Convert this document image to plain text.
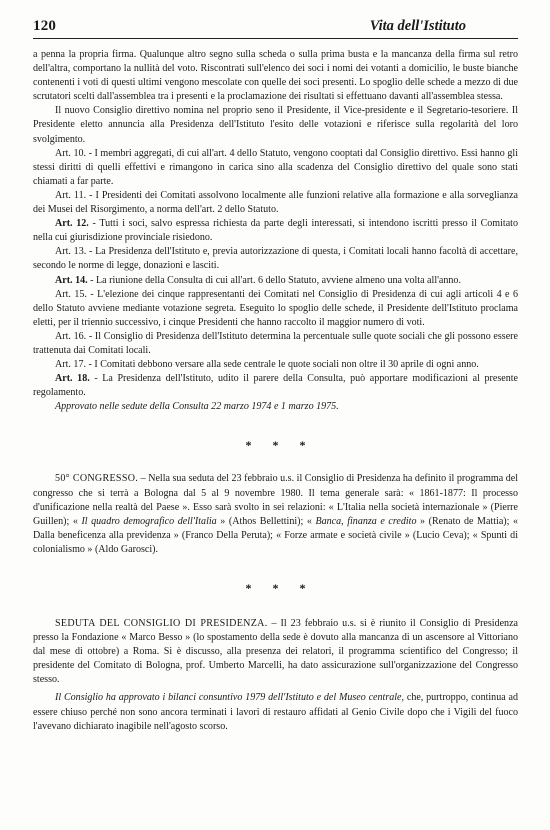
120	Vita dell'Istituto

a penna la propria firma. Qualunque altro segno sulla scheda o sulla prima busta e la mancanza della firma sul retro dell'altra, comportano la nullità del voto. Riscontrati sull'elenco dei soci i nomi dei votanti a domicilio, le buste bianche contenenti i voti di questi ultimi vengono mescolate con quelle dei soci presenti. Lo spoglio delle schede a mezzo di due scrutatori scelti dall'assemblea tra i presenti e la proclamazione dei risultati si effettuano davanti all'assemblea stessa.

Il nuovo Consiglio direttivo nomina nel proprio seno il Presidente, il Vice-presidente e il Segretario-tesoriere. Il Presidente eletto annuncia alla Presidenza dell'Istituto l'esito delle votazioni e riferisce sulla regolarità del loro svolgimento.

Art. 10. - I membri aggregati, di cui all'art. 4 dello Statuto, vengono cooptati dal Consiglio direttivo. Essi hanno gli stessi diritti di quelli effettivi e rimangono in carica sino alla scadenza del Consiglio direttivo del quale sono stati chiamati a far parte.

Art. 11. - I Presidenti dei Comitati assolvono localmente alle funzioni relative alla formazione e alla sorveglianza dei Musei del Risorgimento, a norma dell'art. 2 dello Statuto.

Art. 12. - Tutti i soci, salvo espressa richiesta da parte degli interessati, si intendono iscritti presso il Comitato nella cui giurisdizione provinciale risiedono.

Art. 13. - La Presidenza dell'Istituto e, previa autorizzazione di questa, i Comitati locali hanno facoltà di accettare, secondo le norme di legge, donazioni e lasciti.

Art. 14. - La riunione della Consulta di cui all'art. 6 dello Statuto, avviene almeno una volta all'anno.

Art. 15. - L'elezione dei cinque rappresentanti dei Comitati nel Consiglio di Presidenza di cui agli articoli 4 e 6 dello Statuto avviene mediante votazione segreta. Eseguito lo spoglio delle schede, il Presidente dell'Istituto proclama eletti, per il triennio successivo, i cinque Presidenti che hanno raccolto il maggior numero di voti.

Art. 16. - Il Consiglio di Presidenza dell'Istituto determina la percentuale sulle quote sociali che gli possono essere trattenuta dai Comitati locali.

Art. 17. - I Comitati debbono versare alla sede centrale le quote sociali non oltre il 30 aprile di ogni anno.

Art. 18. - La Presidenza dell'Istituto, udito il parere della Consulta, può apportare modificazioni al presente regolamento.

Approvato nelle sedute della Consulta 22 marzo 1974 e 1 marzo 1975.

* * *

50° CONGRESSO. – Nella sua seduta del 23 febbraio u.s. il Consiglio di Presidenza ha definito il programma del congresso che si terrà a Bologna dal 5 al 9 novembre 1980. Il tema generale sarà: « 1861-1877: Il processo d'unificazione nella realtà del Paese ». Esso sarà svolto in sei relazioni: « L'Italia nella società internazionale » (Pierre Guillen); « Il quadro demografico dell'Italia » (Athos Bellettini); « Banca, finanza e credito » (Renato de Mattia); « Dalla beneficenza alla previdenza » (Franco Della Peruta); « Forze armate e società civile » (Lucio Ceva); « Spunti di colonialismo » (Aldo Garosci).

* * *

SEDUTA DEL CONSIGLIO DI PRESIDENZA. – Il 23 febbraio u.s. si è riunito il Consiglio di Presidenza presso la Fondazione « Marco Besso » (lo spostamento della sede è dovuto alla mancanza di un ascensore al Vittoriano dal mese di ottobre) a Roma. Si è discusso, alla presenza dei relatori, il programma scientifico del Congresso; il presidente del Comitato di Bologna, prof. Umberto Marcelli, ha dato assicurazione sull'organizzazione del Congresso stesso.

Il Consiglio ha approvato i bilanci consuntivo 1979 dell'Istituto e del Museo centrale, che, purtroppo, continua ad essere chiuso perché non sono ancora terminati i lavori di restauro affidati al Genio Civile dopo che i Vigili del fuoco l'avevano dichiarato inagibile nell'agosto scorso.
